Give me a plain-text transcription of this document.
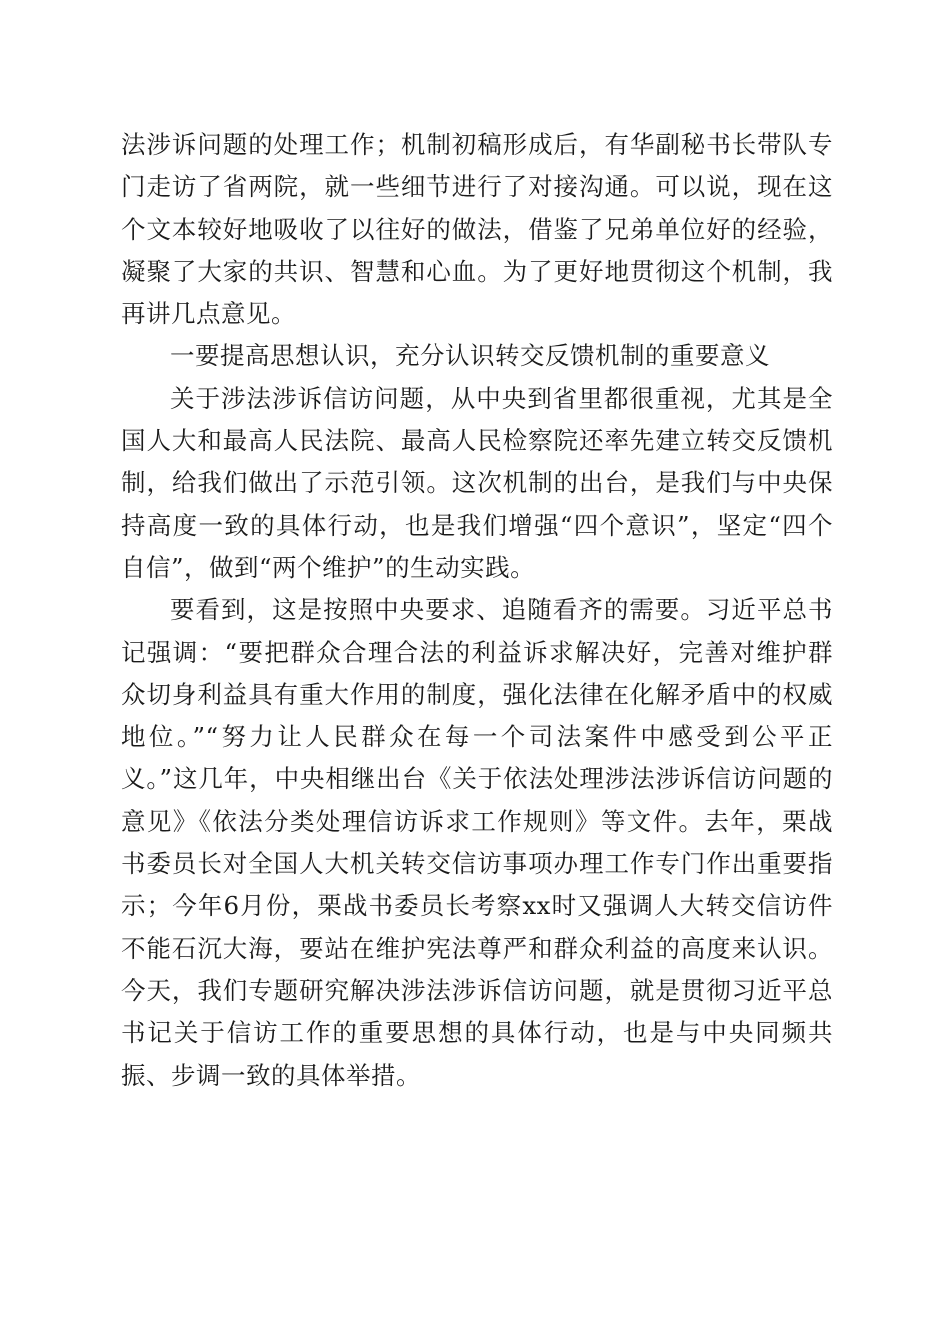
法涉诉问题的处理工作；机制初稿形成后，有华副秘书长带队专门走访了省两院，就一些细节进行了对接沟通。可以说，现在这个文本较好地吸收了以往好的做法，借鉴了兄弟单位好的经验，凝聚了大家的共识、智慧和心血。为了更好地贯彻这个机制，我再讲几点意见。

一要提高思想认识，充分认识转交反馈机制的重要意义

关于涉法涉诉信访问题，从中央到省里都很重视，尤其是全国人大和最高人民法院、最高人民检察院还率先建立转交反馈机制，给我们做出了示范引领。这次机制的出台，是我们与中央保持高度一致的具体行动，也是我们增强“四个意识”，坚定“四个自信”，做到“两个维护”的生动实践。

要看到，这是按照中央要求、追随看齐的需要。习近平总书记强调：“要把群众合理合法的利益诉求解决好，完善对维护群众切身利益具有重大作用的制度，强化法律在化解矛盾中的权威地位。”“努力让人民群众在每一个司法案件中感受到公平正义。”这几年，中央相继出台《关于依法处理涉法涉诉信访问题的意见》《依法分类处理信访诉求工作规则》等文件。去年，栗战书委员长对全国人大机关转交信访事项办理工作专门作出重要指示；今年6月份，栗战书委员长考察xx时又强调人大转交信访件不能石沉大海，要站在维护宪法尊严和群众利益的高度来认识。今天，我们专题研究解决涉法涉诉信访问题，就是贯彻习近平总书记关于信访工作的重要思想的具体行动，也是与中央同频共振、步调一致的具体举措。
